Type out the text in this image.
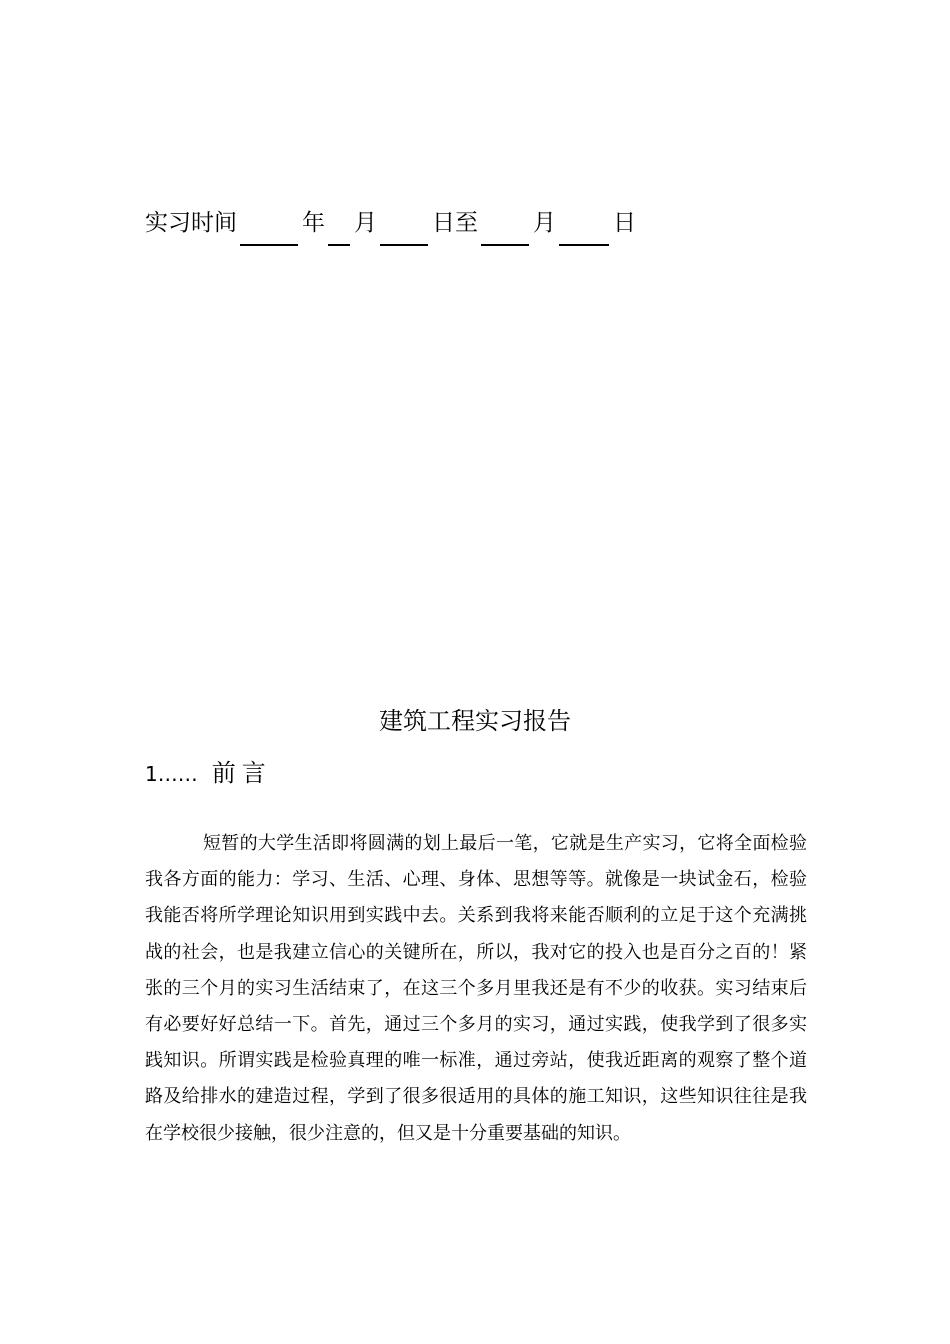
实习时间	年 月 日至 月 日
建筑工程实习报告
1…… 前言

短暂的大学生活即将圆满的划上最后一笔，它就是生产实习，它将全面检验我各方面的能力：学习、生活、心理、身体、思想等等。就像是一块试金石，检验我能否将所学理论知识用到实践中去。关系到我将来能否顺利的立足于这个充满挑战的社会，也是我建立信心的关键所在，所以，我对它的投入也是百分之百的！紧张的三个月的实习生活结束了，在这三个多月里我还是有不少的收获。实习结束后有必要好好总结一下。首先，通过三个多月的实习，通过实践，使我学到了很多实践知识。所谓实践是检验真理的唯一标准，通过旁站，使我近距离的观察了整个道路及给排水的建造过程，学到了很多很适用的具体的施工知识，这些知识往往是我在学校很少接触，很少注意的，但又是十分重要基础的知识。
